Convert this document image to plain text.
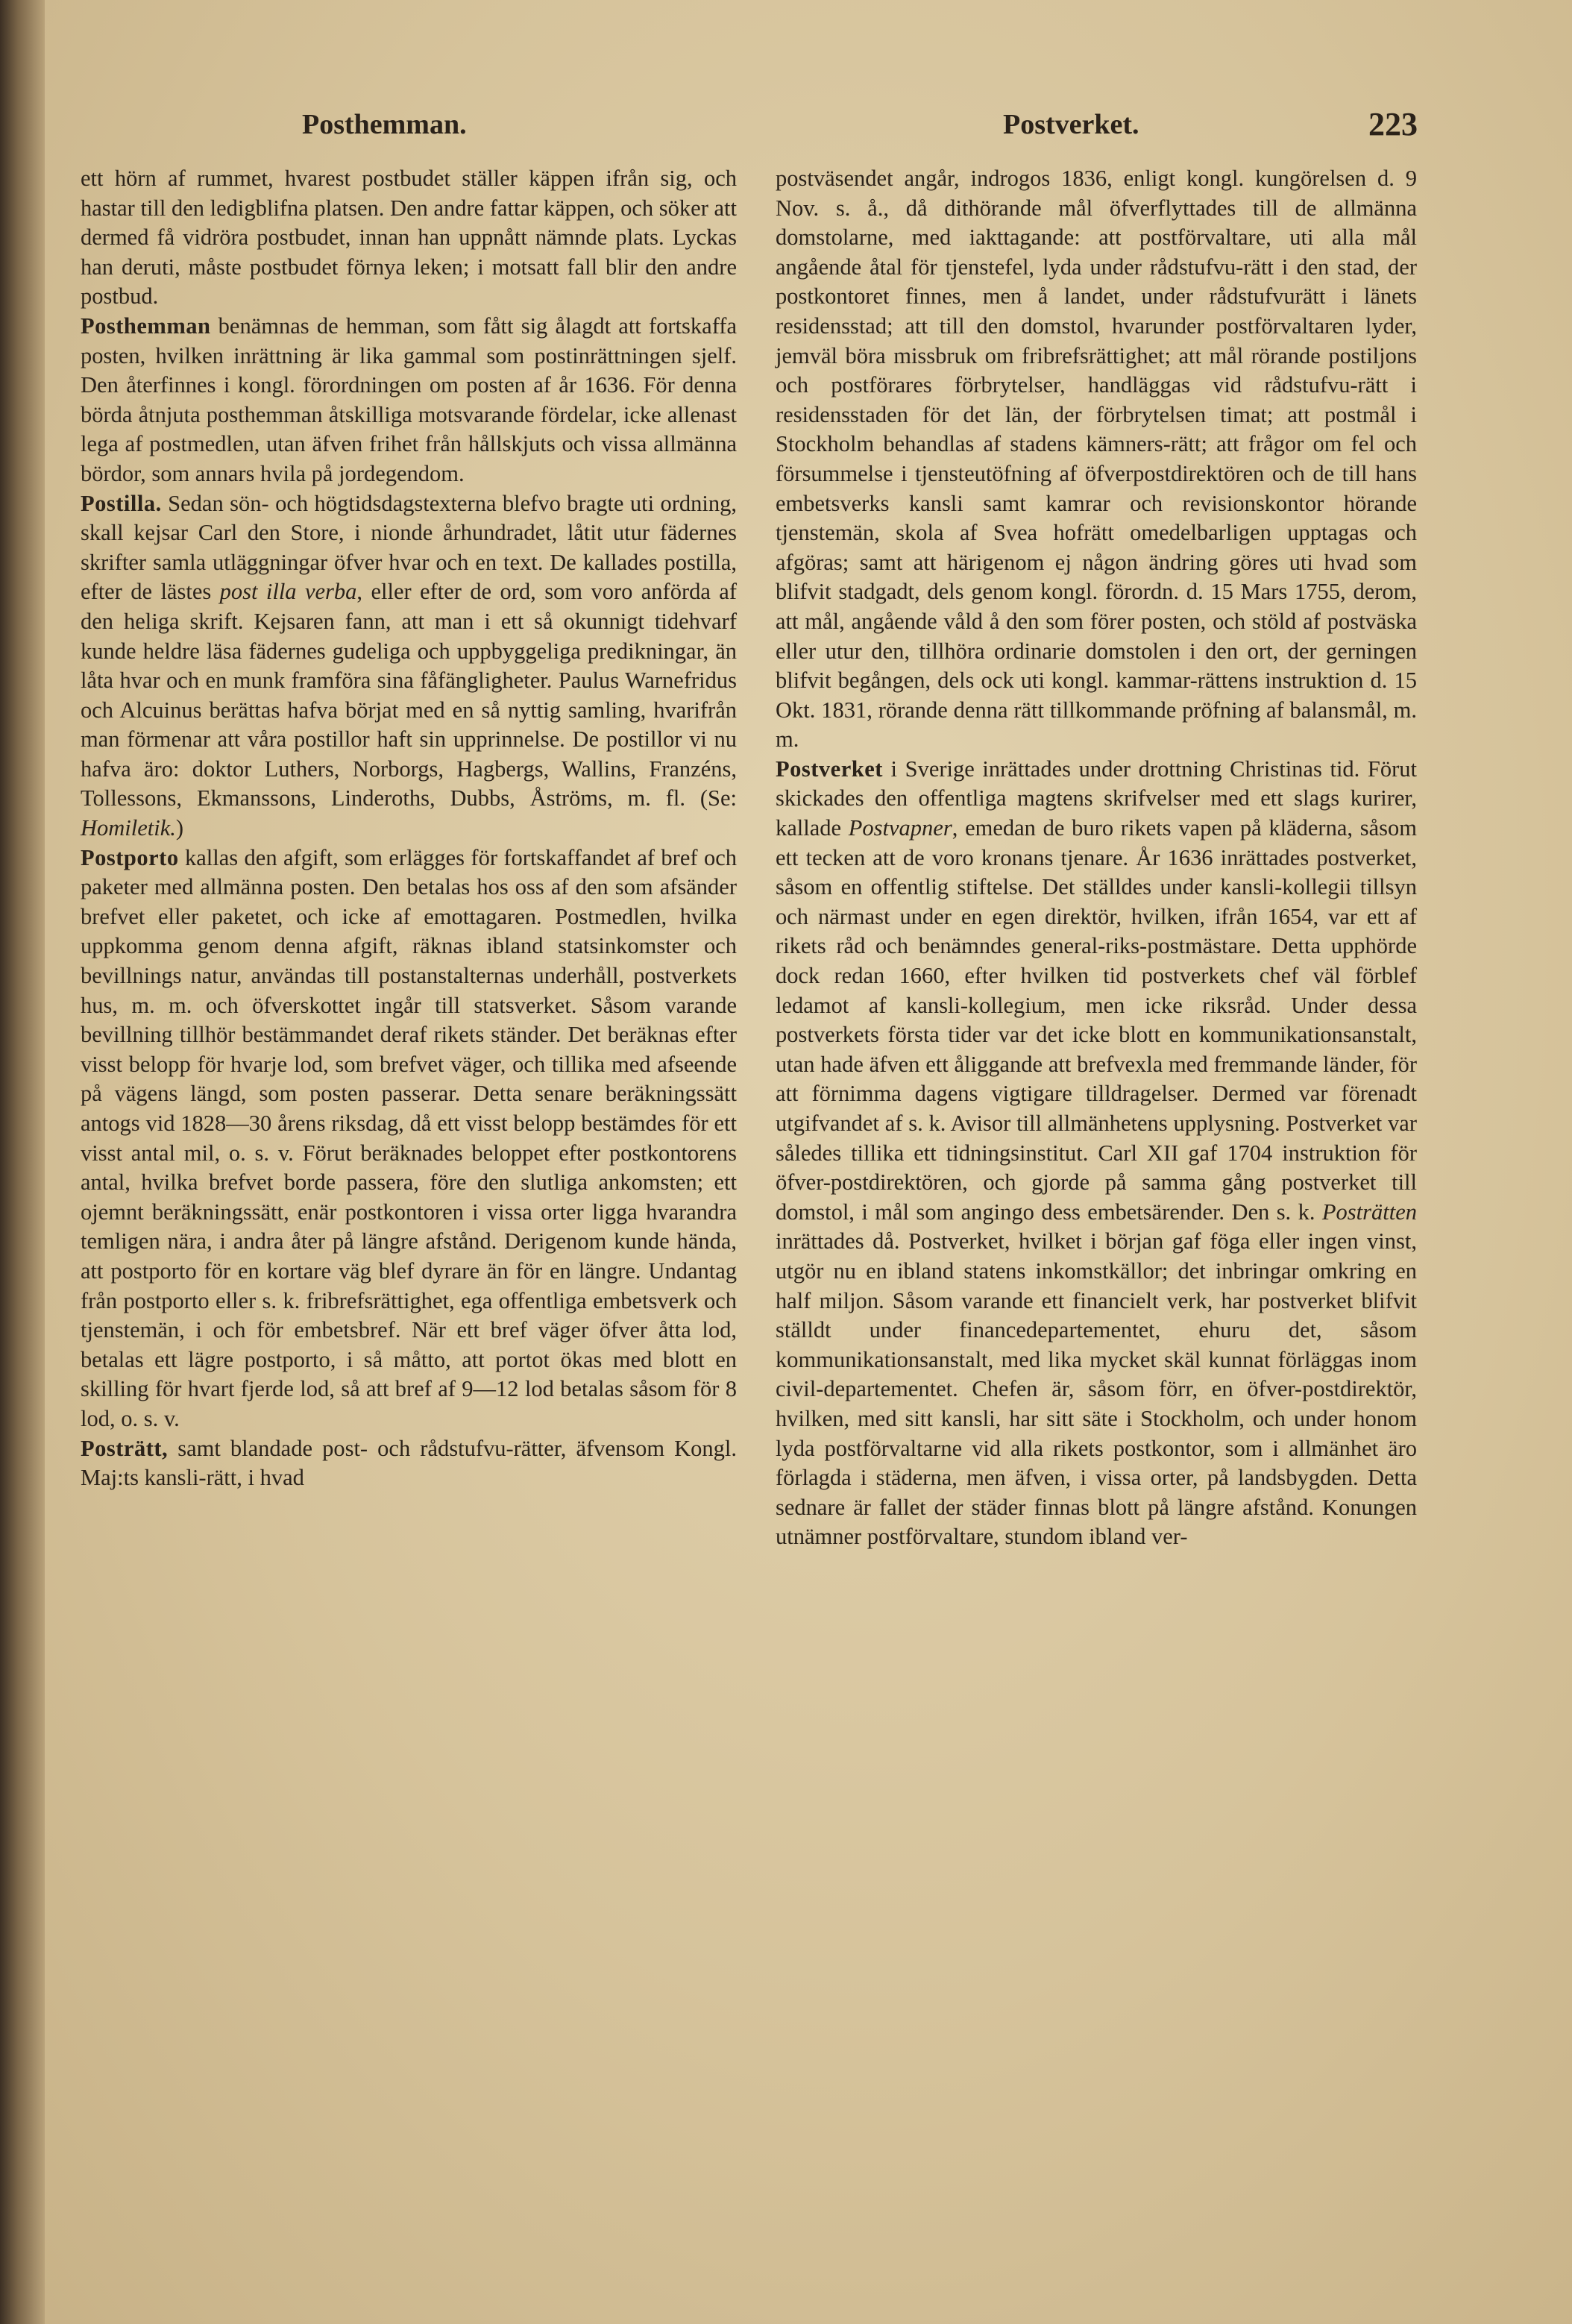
Posthemman.	Postverket.	223

ett hörn af rummet, hvarest postbudet ställer käppen ifrån sig, och hastar till den ledigblifna platsen. Den andre fattar käppen, och söker att dermed få vidröra postbudet, innan han uppnått nämnde plats. Lyckas han deruti, måste postbudet förnya leken; i motsatt fall blir den andre postbud.

Posthemman benämnas de hemman, som fått sig ålagdt att fortskaffa posten, hvilken inrättning är lika gammal som postinrättningen sjelf. Den återfinnes i kongl. förordningen om posten af år 1636. För denna börda åtnjuta posthemman åtskilliga motsvarande fördelar, icke allenast lega af postmedlen, utan äfven frihet från hållskjuts och vissa allmänna bördor, som annars hvila på jordegendom.

Postilla. Sedan sön- och högtidsdagstexterna blefvo bragte uti ordning, skall kejsar Carl den Store, i nionde århundradet, låtit utur fädernes skrifter samla utläggningar öfver hvar och en text. De kallades postilla, efter de lästes post illa verba, eller efter de ord, som voro anförda af den heliga skrift. Kejsaren fann, att man i ett så okunnigt tidehvarf kunde heldre läsa fädernes gudeliga och uppbyggeliga predikningar, än låta hvar och en munk framföra sina fåfängligheter. Paulus Warnefridus och Alcuinus berättas hafva börjat med en så nyttig samling, hvarifrån man förmenar att våra postillor haft sin upprinnelse. De postillor vi nu hafva äro: doktor Luthers, Norborgs, Hagbergs, Wallins, Franzéns, Tollessons, Ekmanssons, Linderoths, Dubbs, Åströms, m. fl. (Se: Homiletik.)

Postporto kallas den afgift, som erlägges för fortskaffandet af bref och paketer med allmänna posten. Den betalas hos oss af den som afsänder brefvet eller paketet, och icke af emottagaren. Postmedlen, hvilka uppkomma genom denna afgift, räknas ibland statsinkomster och bevillnings natur, användas till postanstalternas underhåll, postverkets hus, m. m. och öfverskottet ingår till statsverket. Såsom varande bevillning tillhör bestämmandet deraf rikets ständer. Det beräknas efter visst belopp för hvarje lod, som brefvet väger, och tillika med afseende på vägens längd, som posten passerar. Detta senare beräkningssätt antogs vid 1828—30 årens riksdag, då ett visst belopp bestämdes för ett visst antal mil, o. s. v. Förut beräknades beloppet efter postkontorens antal, hvilka brefvet borde passera, före den slutliga ankomsten; ett ojemnt beräkningssätt, enär postkontoren i vissa orter ligga hvarandra temligen nära, i andra åter på längre afstånd. Derigenom kunde hända, att postporto för en kortare väg blef dyrare än för en längre. Undantag från postporto eller s. k. fribrefsrättighet, ega offentliga embetsverk och tjenstemän, i och för embetsbref. När ett bref väger öfver åtta lod, betalas ett lägre postporto, i så måtto, att portot ökas med blott en skilling för hvart fjerde lod, så att bref af 9—12 lod betalas såsom för 8 lod, o. s. v.

Posträtt, samt blandade post- och rådstufvu-rätter, äfvensom Kongl. Maj:ts kansli-rätt, i hvad

postväsendet angår, indrogos 1836, enligt kongl. kungörelsen d. 9 Nov. s. å., då dithörande mål öfverflyttades till de allmänna domstolarne, med iakttagande: att postförvaltare, uti alla mål angående åtal för tjenstefel, lyda under rådstufvu-rätt i den stad, der postkontoret finnes, men å landet, under rådstufvurätt i länets residensstad; att till den domstol, hvarunder postförvaltaren lyder, jemväl böra missbruk om fribrefsrättighet; att mål rörande postiljons och postförares förbrytelser, handläggas vid rådstufvu-rätt i residensstaden för det län, der förbrytelsen timat; att postmål i Stockholm behandlas af stadens kämners-rätt; att frågor om fel och försummelse i tjensteutöfning af öfverpostdirektören och de till hans embetsverks kansli samt kamrar och revisionskontor hörande tjenstemän, skola af Svea hofrätt omedelbarligen upptagas och afgöras; samt att härigenom ej någon ändring göres uti hvad som blifvit stadgadt, dels genom kongl. förordn. d. 15 Mars 1755, derom, att mål, angående våld å den som förer posten, och stöld af postväska eller utur den, tillhöra ordinarie domstolen i den ort, der gerningen blifvit begången, dels ock uti kongl. kammar-rättens instruktion d. 15 Okt. 1831, rörande denna rätt tillkommande pröfning af balansmål, m. m.

Postverket i Sverige inrättades under drottning Christinas tid. Förut skickades den offentliga magtens skrifvelser med ett slags kurirer, kallade Postvapner, emedan de buro rikets vapen på kläderna, såsom ett tecken att de voro kronans tjenare. År 1636 inrättades postverket, såsom en offentlig stiftelse. Det ställdes under kansli-kollegii tillsyn och närmast under en egen direktör, hvilken, ifrån 1654, var ett af rikets råd och benämndes general-riks-postmästare. Detta upphörde dock redan 1660, efter hvilken tid postverkets chef väl förblef ledamot af kansli-kollegium, men icke riksråd. Under dessa postverkets första tider var det icke blott en kommunikationsanstalt, utan hade äfven ett åliggande att brefvexla med fremmande länder, för att förnimma dagens vigtigare tilldragelser. Dermed var förenadt utgifvandet af s. k. Avisor till allmänhetens upplysning. Postverket var således tillika ett tidningsinstitut. Carl XII gaf 1704 instruktion för öfver-postdirektören, och gjorde på samma gång postverket till domstol, i mål som angingo dess embetsärender. Den s. k. Posträtten inrättades då. Postverket, hvilket i början gaf föga eller ingen vinst, utgör nu en ibland statens inkomstkällor; det inbringar omkring en half miljon. Såsom varande ett financielt verk, har postverket blifvit ställdt under financedepartementet, ehuru det, såsom kommunikationsanstalt, med lika mycket skäl kunnat förläggas inom civil-departementet. Chefen är, såsom förr, en öfver-postdirektör, hvilken, med sitt kansli, har sitt säte i Stockholm, och under honom lyda postförvaltarne vid alla rikets postkontor, som i allmänhet äro förlagda i städerna, men äfven, i vissa orter, på landsbygden. Detta sednare är fallet der städer finnas blott på längre afstånd. Konungen utnämner postförvaltare, stundom ibland ver-
